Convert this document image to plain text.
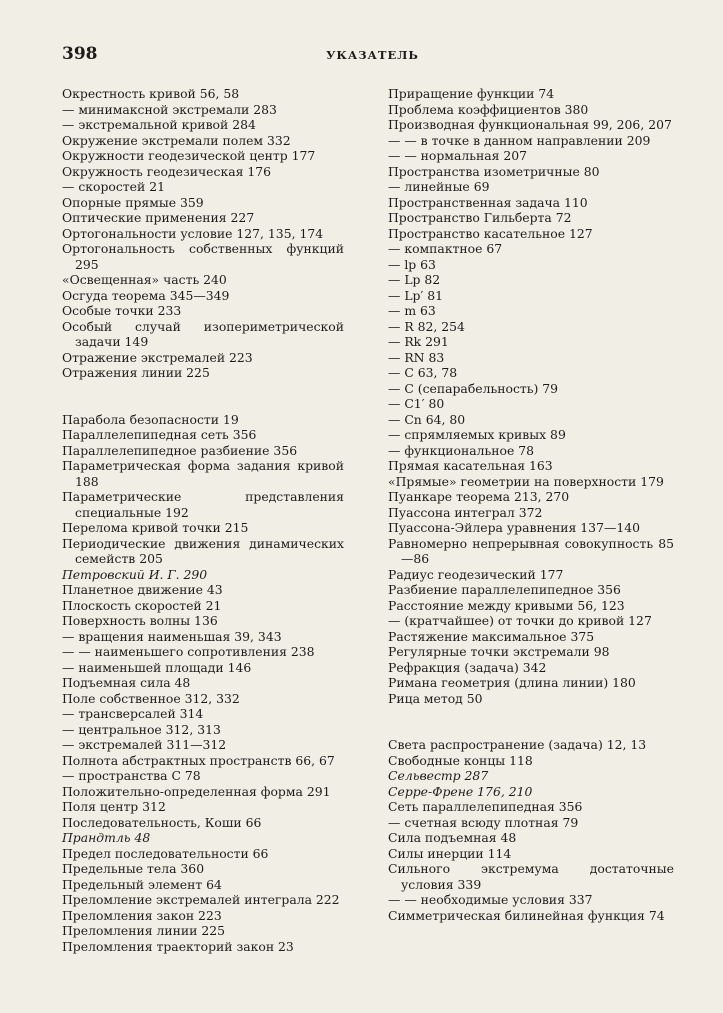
398	УКАЗАТЕЛЬ
Окрестность кривой 56, 58
— минимаксной экстремали 283
— экстремальной кривой 284
Окружение экстремали полем 332
Окружности геодезической центр 177
Окружность геодезическая 176
— скоростей 21
Опорные прямые 359
Оптические применения 227
Ортогональности условие 127, 135, 174
Ортогональность собственных функций 295
«Освещенная» часть 240
Осгуда теорема 345—349
Особые точки 233
Особый случай изопериметрической задачи 149
Отражение экстремалей 223
Отражения линии 225
Парабола безопасности 19
Параллелепипедная сеть 356
Параллелепипедное разбиение 356
Параметрическая форма задания кривой 188
Параметрические представления специальные 192
Перелома кривой точки 215
Периодические движения динамических семейств 205
Петровский И. Г. 290
Планетное движение 43
Плоскость скоростей 21
Поверхность волны 136
— вращения наименьшая 39, 343
— — наименьшего сопротивления 238
— наименьшей площади 146
Подъемная сила 48
Поле собственное 312, 332
— трансверсалей 314
— центральное 312, 313
— экстремалей 311—312
Полнота абстрактных пространств 66, 67
— пространства C 78
Положительно-определенная форма 291
Поля центр 312
Последовательность, Коши 66
Прандтль 48
Предел последовательности 66
Предельные тела 360
Предельный элемент 64
Преломление экстремалей интеграла 222
Преломления закон 223
Преломления линии 225
Преломления траекторий закон 23
Приращение функции 74
Проблема коэффициентов 380
Производная функциональная 99, 206, 207
— — в точке в данном направлении 209
— — нормальная 207
Пространства изометричные 80
— линейные 69
Пространственная задача 110
Пространство Гильберта 72
Пространство касательное 127
— компактное 67
— lp 63
— Lp 82
— Lp′ 81
— m 63
— R 82, 254
— Rk 291
— RN 83
— C 63, 78
— C (сепарабельность) 79
— C1′ 80
— Cn 64, 80
— спрямляемых кривых 89
— функциональное 78
Прямая касательная 163
«Прямые» геометрии на поверхности 179
Пуанкаре теорема 213, 270
Пуассона интеграл 372
Пуассона-Эйлера уравнения 137—140
Равномерно непрерывная совокупность 85—86
Радиус геодезический 177
Разбиение параллелепипедное 356
Расстояние между кривыми 56, 123
— (кратчайшее) от точки до кривой 127
Растяжение максимальное 375
Регулярные точки экстремали 98
Рефракция (задача) 342
Римана геометрия (длина линии) 180
Рица метод 50
Света распространение (задача) 12, 13
Свободные концы 118
Сельвестр 287
Серре-Френе 176, 210
Сеть параллелепипедная 356
— счетная всюду плотная 79
Сила подъемная 48
Силы инерции 114
Сильного экстремума достаточные условия 339
— — необходимые условия 337
Симметрическая билинейная функция 74
